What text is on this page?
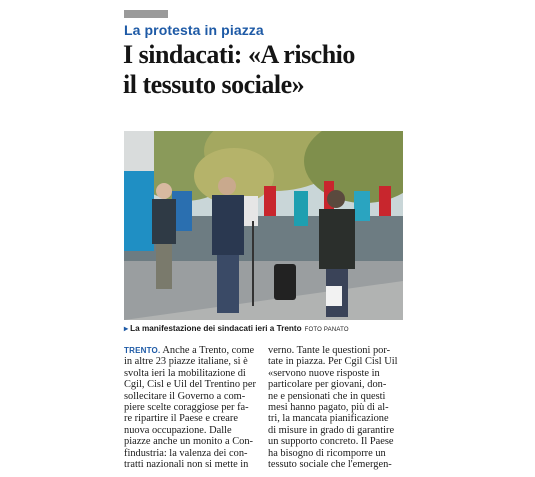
La protesta in piazza
I sindacati: «A rischio
il tessuto sociale»
▸ La manifestazione dei sindacati ieri a Trento FOTO PANATO
TRENTO. Anche a Trento, come
in altre 23 piazze italiane, si è
svolta ieri la mobilitazione di
Cgil, Cisl e Uil del Trentino per
sollecitare il Governo a com-
piere scelte coraggiose per fa-
re ripartire il Paese e creare
nuova occupazione. Dalle
piazze anche un monito a Con-
findustria: la valenza dei con-
tratti nazionali non si mette in
verno. Tante le questioni por-
tate in piazza. Per Cgil Cisl Uil
«servono nuove risposte in
particolare per giovani, don-
ne e pensionati che in questi
mesi hanno pagato, più di al-
tri, la mancata pianificazione
di misure in grado di garantire
un supporto concreto. Il Paese
ha bisogno di ricomporre un
tessuto sociale che l'emergen-
